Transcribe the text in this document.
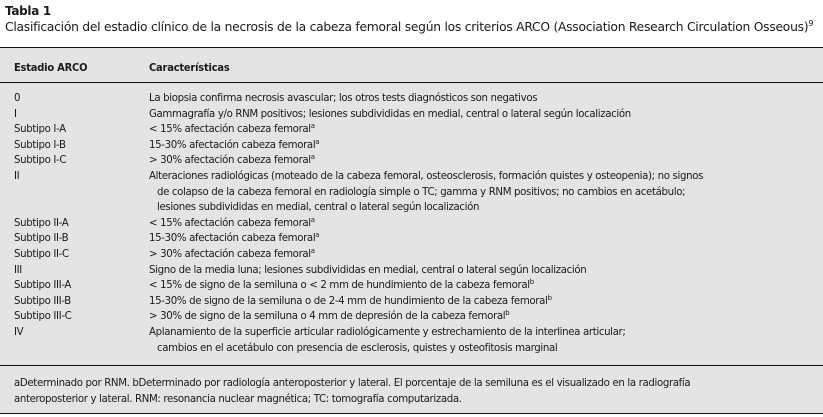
Tabla 1
Clasificación del estadio clínico de la necrosis de la cabeza femoral según los criterios ARCO (Association Research Circulation Osseous)$^9$
Estadio ARCO	Características
0	La biopsia confirma necrosis avascular; los otros tests diagnósticos son negativos
I	Gammagrafía y/o RNM positivos; lesiones subdivididas en medial, central o lateral según localización
Subtipo I-A	< 15% afectación cabeza femoral$^a$
Subtipo I-B	15-30% afectación cabeza femoral$^a$
Subtipo I-C	> 30% afectación cabeza femoral$^a$
II	Alteraciones radiológicas (moteado de la cabeza femoral, osteosclerosis, formación quistes y osteopenia); no signos
de colapso de la cabeza femoral en radiología simple o TC; gamma y RNM positivos; no cambios en acetábulo;
lesiones subdivididas en medial, central o lateral según localización
Subtipo II-A	< 15% afectación cabeza femoral$^a$
Subtipo II-B	15-30% afectación cabeza femoral$^a$
Subtipo II-C	> 30% afectación cabeza femoral$^a$
III	Signo de la media luna; lesiones subdivididas en medial, central o lateral según localización
Subtipo III-A	< 15% de signo de la semiluna o < 2 mm de hundimiento de la cabeza femoral$^b$
Subtipo III-B	15-30% de signo de la semiluna o de 2-4 mm de hundimiento de la cabeza femoral$^b$
Subtipo III-C	> 30% de signo de la semiluna o 4 mm de depresión de la cabeza femoral$^b$
IV	Aplanamiento de la superficie articular radiológicamente y estrechamiento de la interlinea articular;
cambios en el acetábulo con presencia de esclerosis, quistes y osteofitosis marginal
aDeterminado por RNM. bDeterminado por radiología anteroposterior y lateral. El porcentaje de la semiluna es el visualizado en la radiografía
anteroposterior y lateral. RNM: resonancia nuclear magnética; TC: tomografía computarizada.
